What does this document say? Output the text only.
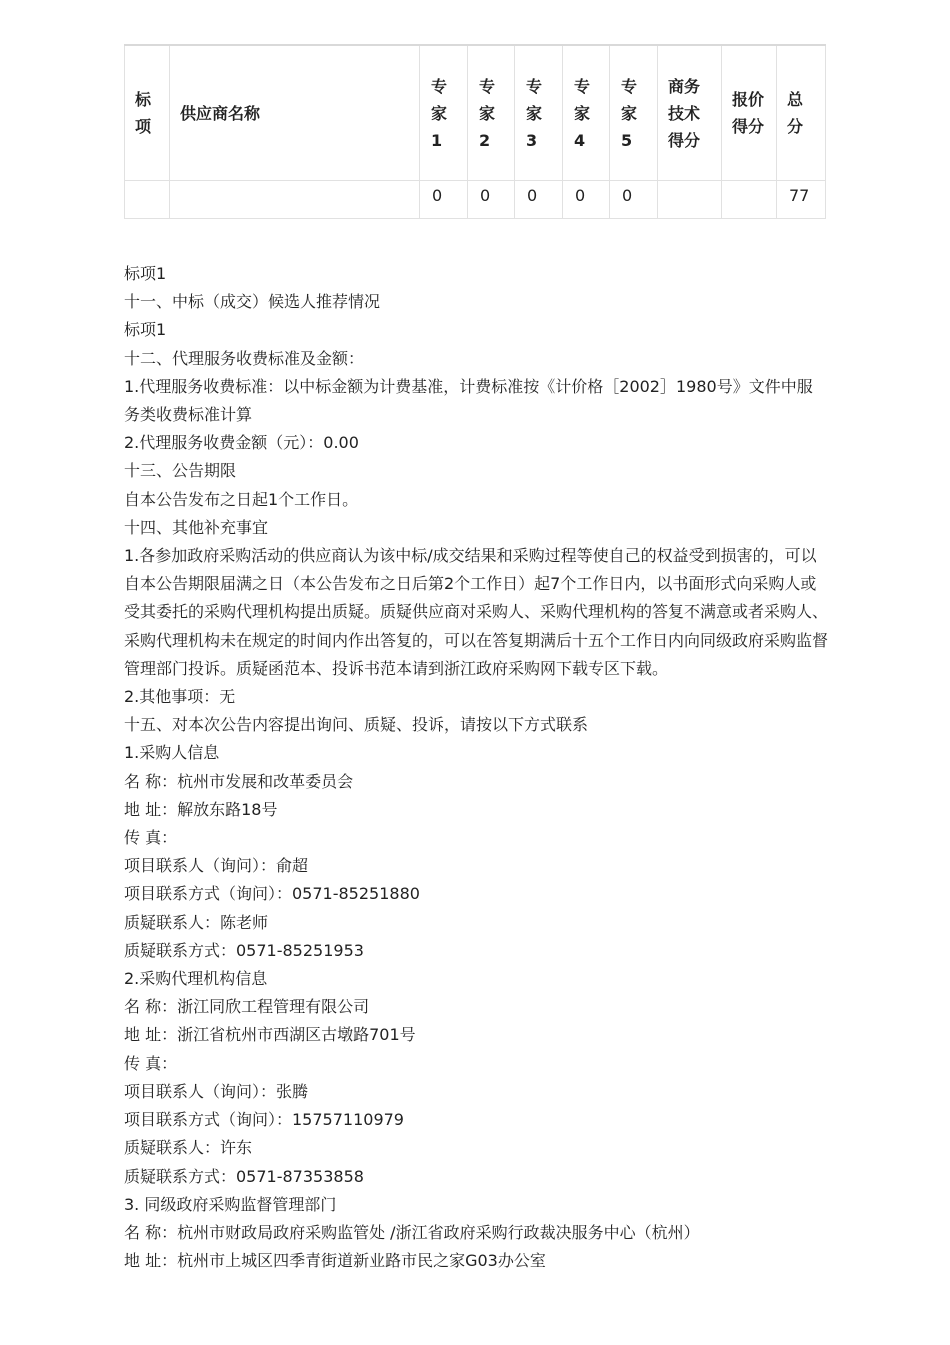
标项	供应商名称	专家1	专家2	专家3	专家4	专家5	商务技术得分	报价得分	总分
		0	0	0	0	0			77

标项1

十一、中标（成交）候选人推荐情况

标项1

十二、代理服务收费标准及金额：

1.代理服务收费标准：以中标金额为计费基准，计费标准按《计价格［2002］1980号》文件中服务类收费标准计算

2.代理服务收费金额（元）：0.00

十三、公告期限

自本公告发布之日起1个工作日。

十四、其他补充事宜

1.各参加政府采购活动的供应商认为该中标/成交结果和采购过程等使自己的权益受到损害的，可以自本公告期限届满之日（本公告发布之日后第2个工作日）起7个工作日内，以书面形式向采购人或受其委托的采购代理机构提出质疑。质疑供应商对采购人、采购代理机构的答复不满意或者采购人、采购代理机构未在规定的时间内作出答复的，可以在答复期满后十五个工作日内向同级政府采购监督管理部门投诉。质疑函范本、投诉书范本请到浙江政府采购网下载专区下载。

2.其他事项：无

十五、对本次公告内容提出询问、质疑、投诉，请按以下方式联系

1.采购人信息

名 称：杭州市发展和改革委员会

地 址：解放东路18号

传 真：

项目联系人（询问）：俞超

项目联系方式（询问）：0571-85251880

质疑联系人：陈老师

质疑联系方式：0571-85251953

2.采购代理机构信息

名 称：浙江同欣工程管理有限公司

地 址：浙江省杭州市西湖区古墩路701号

传 真：

项目联系人（询问）：张腾

项目联系方式（询问）：15757110979

质疑联系人：许东

质疑联系方式：0571-87353858

3. 同级政府采购监督管理部门

名 称：杭州市财政局政府采购监管处 /浙江省政府采购行政裁决服务中心（杭州）

地 址：杭州市上城区四季青街道新业路市民之家G03办公室
